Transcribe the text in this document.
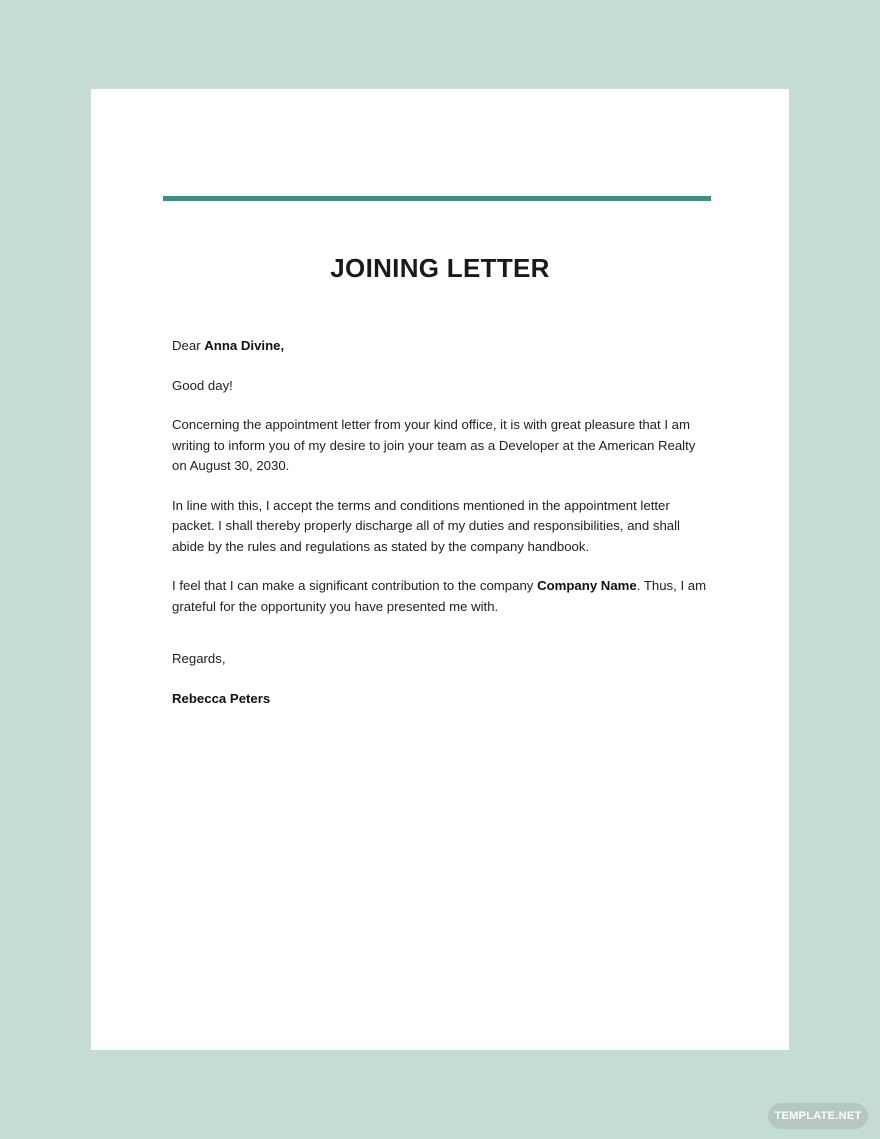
JOINING LETTER

Dear Anna Divine,

Good day!

Concerning the appointment letter from your kind office, it is with great pleasure that I am writing to inform you of my desire to join your team as a Developer at the American Realty on August 30, 2030.

In line with this, I accept the terms and conditions mentioned in the appointment letter packet. I shall thereby properly discharge all of my duties and responsibilities, and shall abide by the rules and regulations as stated by the company handbook.

I feel that I can make a significant contribution to the company Company Name. Thus, I am grateful for the opportunity you have presented me with.

Regards,

Rebecca Peters

TEMPLATE.NET
